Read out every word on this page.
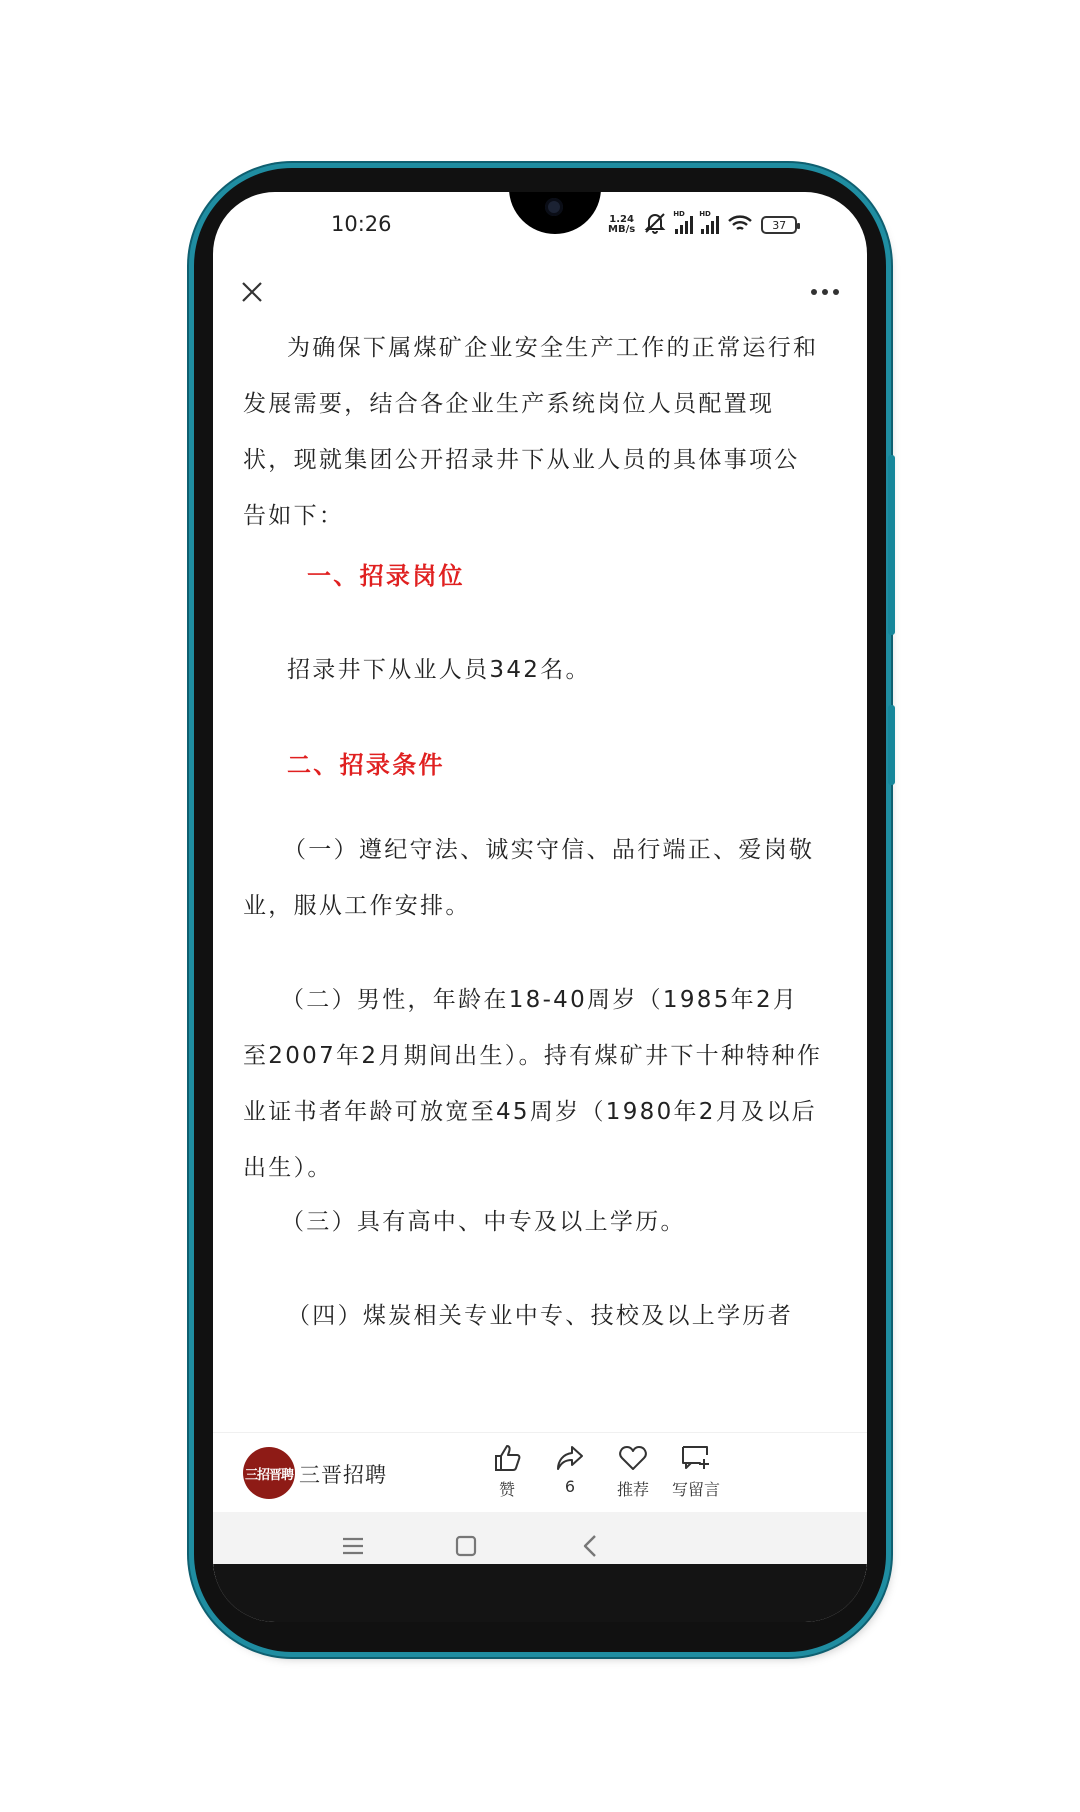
10:26	1.24
MB/s
HD HD
37

为确保下属煤矿企业安全生产工作的正常运行和发展需要，结合各企业生产系统岗位人员配置现状，现就集团公开招录井下从业人员的具体事项公告如下：

一、招录岗位

招录井下从业人员342名。

二、招录条件

（一）遵纪守法、诚实守信、品行端正、爱岗敬业，服从工作安排。

（二）男性，年龄在18-40周岁（1985年2月至2007年2月期间出生）。持有煤矿井下十种特种作业证书者年龄可放宽至45周岁（1980年2月及以后出生）。

（三）具有高中、中专及以上学历。

（四）煤炭相关专业中专、技校及以上学历者

三招晋聘 三晋招聘
赞	6	推荐 写留言
